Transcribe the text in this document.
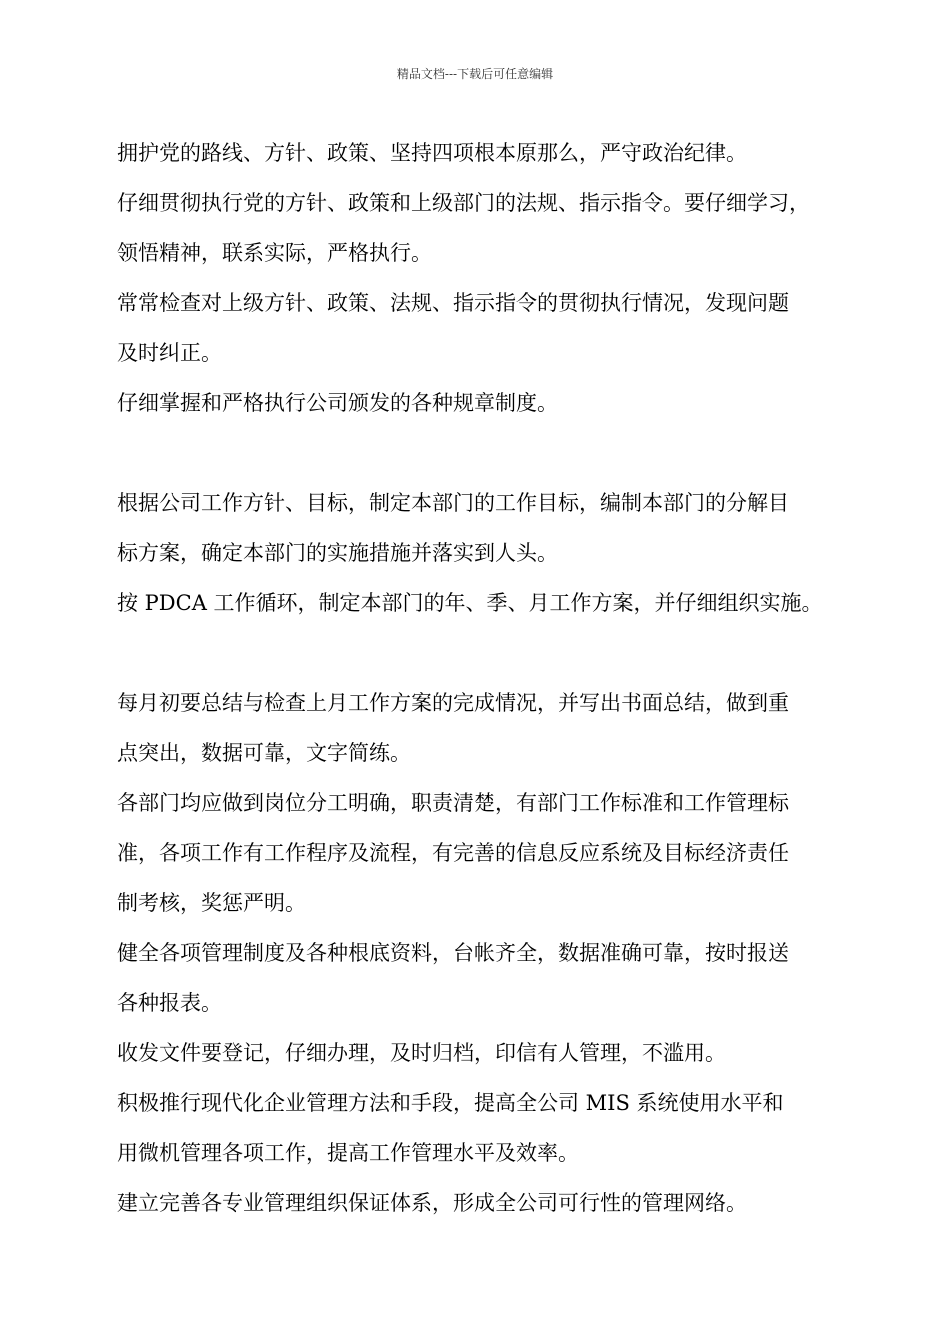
精品文档---下载后可任意编辑
拥护党的路线、方针、政策、坚持四项根本原那么，严守政治纪律。
仔细贯彻执行党的方针、政策和上级部门的法规、指示指令。要仔细学习，
领悟精神，联系实际，严格执行。
常常检查对上级方针、政策、法规、指示指令的贯彻执行情况，发现问题
及时纠正。
仔细掌握和严格执行公司颁发的各种规章制度。
根据公司工作方针、目标，制定本部门的工作目标，编制本部门的分解目
标方案，确定本部门的实施措施并落实到人头。
按 PDCA 工作循环，制定本部门的年、季、月工作方案，并仔细组织实施。
每月初要总结与检查上月工作方案的完成情况，并写出书面总结，做到重
点突出，数据可靠，文字简练。
各部门均应做到岗位分工明确，职责清楚，有部门工作标准和工作管理标
准，各项工作有工作程序及流程，有完善的信息反应系统及目标经济责任
制考核，奖惩严明。
健全各项管理制度及各种根底资料，台帐齐全，数据准确可靠，按时报送
各种报表。
收发文件要登记，仔细办理，及时归档，印信有人管理，不滥用。
积极推行现代化企业管理方法和手段，提高全公司 MIS 系统使用水平和
用微机管理各项工作，提高工作管理水平及效率。
建立完善各专业管理组织保证体系，形成全公司可行性的管理网络。
